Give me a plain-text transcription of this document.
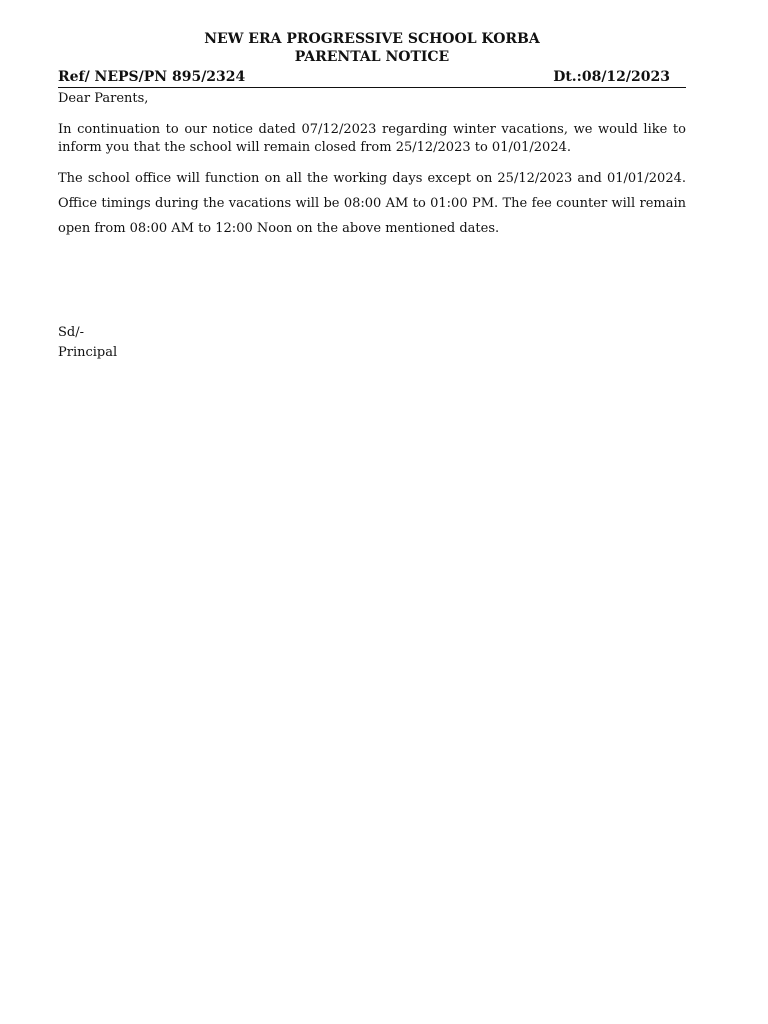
NEW ERA PROGRESSIVE SCHOOL KORBA
PARENTAL NOTICE
Ref/ NEPS/PN 895/2324	Dt.:08/12/2023

Dear Parents,

In continuation to our notice dated 07/12/2023 regarding winter vacations, we would like to inform you that the school will remain closed from 25/12/2023 to 01/01/2024.

The school office will function on all the working days except on 25/12/2023 and 01/01/2024. Office timings during the vacations will be 08:00 AM to 01:00 PM. The fee counter will remain open from 08:00 AM to 12:00 Noon on the above mentioned dates.

Sd/-
Principal
